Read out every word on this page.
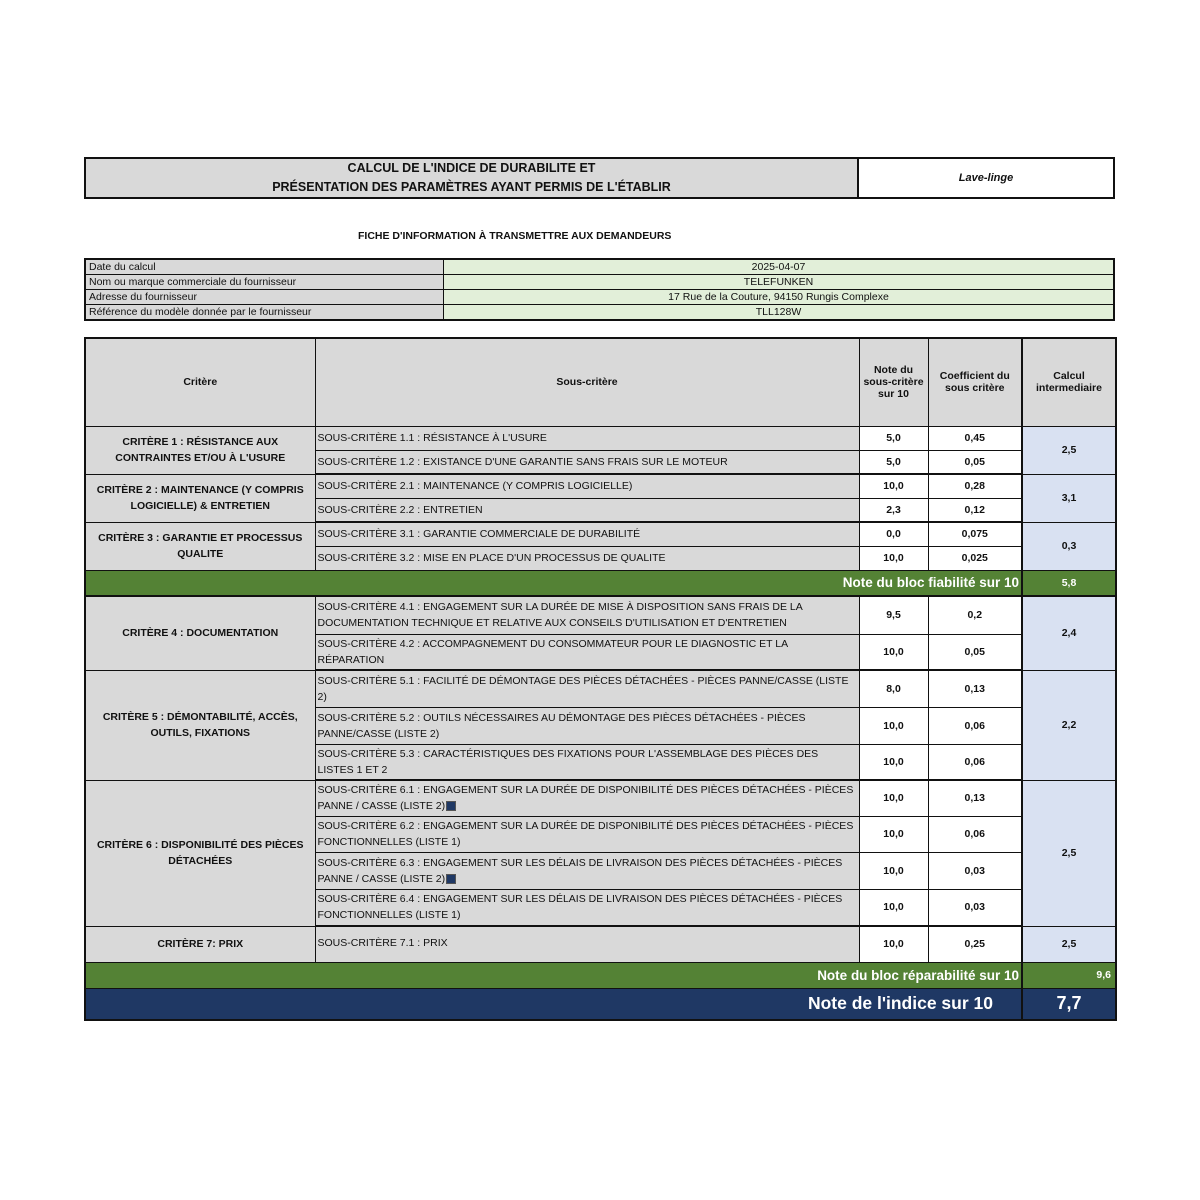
CALCUL DE L'INDICE DE DURABILITE ET
PRÉSENTATION DES PARAMÈTRES AYANT PERMIS DE L'ÉTABLIR
Lave-linge
FICHE D'INFORMATION À TRANSMETTRE AUX DEMANDEURS
Date du calcul	2025-04-07
Nom ou marque commerciale du fournisseur	TELEFUNKEN
Adresse du fournisseur	17 Rue de la Couture, 94150 Rungis Complexe
Référence du modèle donnée par le fournisseur	TLL128W
Critère	Sous-critère	Note du sous-critère sur 10	Coefficient du sous critère	Calcul intermediaire
CRITÈRE 1 : RÉSISTANCE AUX CONTRAINTES ET/OU À L'USURE	SOUS-CRITÈRE 1.1 : RÉSISTANCE À L'USURE	5,0	0,45	2,5
	SOUS-CRITÈRE 1.2 : EXISTANCE D'UNE GARANTIE SANS FRAIS SUR LE MOTEUR	5,0	0,05	
CRITÈRE 2 : MAINTENANCE (Y COMPRIS LOGICIELLE) & ENTRETIEN	SOUS-CRITÈRE 2.1 : MAINTENANCE (Y COMPRIS LOGICIELLE)	10,0	0,28	3,1
	SOUS-CRITÈRE 2.2 : ENTRETIEN	2,3	0,12	
CRITÈRE 3 : GARANTIE ET PROCESSUS QUALITE	SOUS-CRITÈRE 3.1 : GARANTIE COMMERCIALE DE DURABILITÉ	0,0	0,075	0,3
	SOUS-CRITÈRE 3.2 : MISE EN PLACE D'UN PROCESSUS DE QUALITE	10,0	0,025	
Note du bloc fiabilité sur 10				5,8
CRITÈRE 4 : DOCUMENTATION	SOUS-CRITÈRE 4.1 : ENGAGEMENT SUR LA DURÉE DE MISE À DISPOSITION SANS FRAIS DE LA DOCUMENTATION TECHNIQUE ET RELATIVE AUX CONSEILS D'UTILISATION ET D'ENTRETIEN	9,5	0,2	2,4
	SOUS-CRITÈRE 4.2 : ACCOMPAGNEMENT DU CONSOMMATEUR POUR LE DIAGNOSTIC ET LA RÉPARATION	10,0	0,05	
CRITÈRE 5 : DÉMONTABILITÉ, ACCÈS, OUTILS, FIXATIONS	SOUS-CRITÈRE 5.1 : FACILITÉ DE DÉMONTAGE DES PIÈCES DÉTACHÉES - PIÈCES PANNE/CASSE (LISTE 2)	8,0	0,13	2,2
	SOUS-CRITÈRE 5.2 : OUTILS NÉCESSAIRES AU DÉMONTAGE DES PIÈCES DÉTACHÉES - PIÈCES PANNE/CASSE (LISTE 2)	10,0	0,06	
	SOUS-CRITÈRE 5.3 : CARACTÉRISTIQUES DES FIXATIONS POUR L'ASSEMBLAGE DES PIÈCES DES LISTES 1 ET 2	10,0	0,06	
CRITÈRE 6 : DISPONIBILITÉ DES PIÈCES DÉTACHÉES	SOUS-CRITÈRE 6.1 : ENGAGEMENT SUR LA DURÉE DE DISPONIBILITÉ DES PIÈCES DÉTACHÉES - PIÈCES PANNE / CASSE (LISTE 2)	10,0	0,13	2,5
	SOUS-CRITÈRE 6.2 : ENGAGEMENT SUR LA DURÉE DE DISPONIBILITÉ DES PIÈCES DÉTACHÉES - PIÈCES FONCTIONNELLES (LISTE 1)	10,0	0,06	
	SOUS-CRITÈRE 6.3 : ENGAGEMENT SUR LES DÉLAIS DE LIVRAISON DES PIÈCES DÉTACHÉES - PIÈCES PANNE / CASSE (LISTE 2)	10,0	0,03	
	SOUS-CRITÈRE 6.4 : ENGAGEMENT SUR LES DÉLAIS DE LIVRAISON DES PIÈCES DÉTACHÉES - PIÈCES FONCTIONNELLES (LISTE 1)	10,0	0,03	
CRITÈRE 7: PRIX	SOUS-CRITÈRE 7.1 : PRIX	10,0	0,25	2,5
Note du bloc réparabilité sur 10				9,6
Note de l'indice sur 10				7,7
